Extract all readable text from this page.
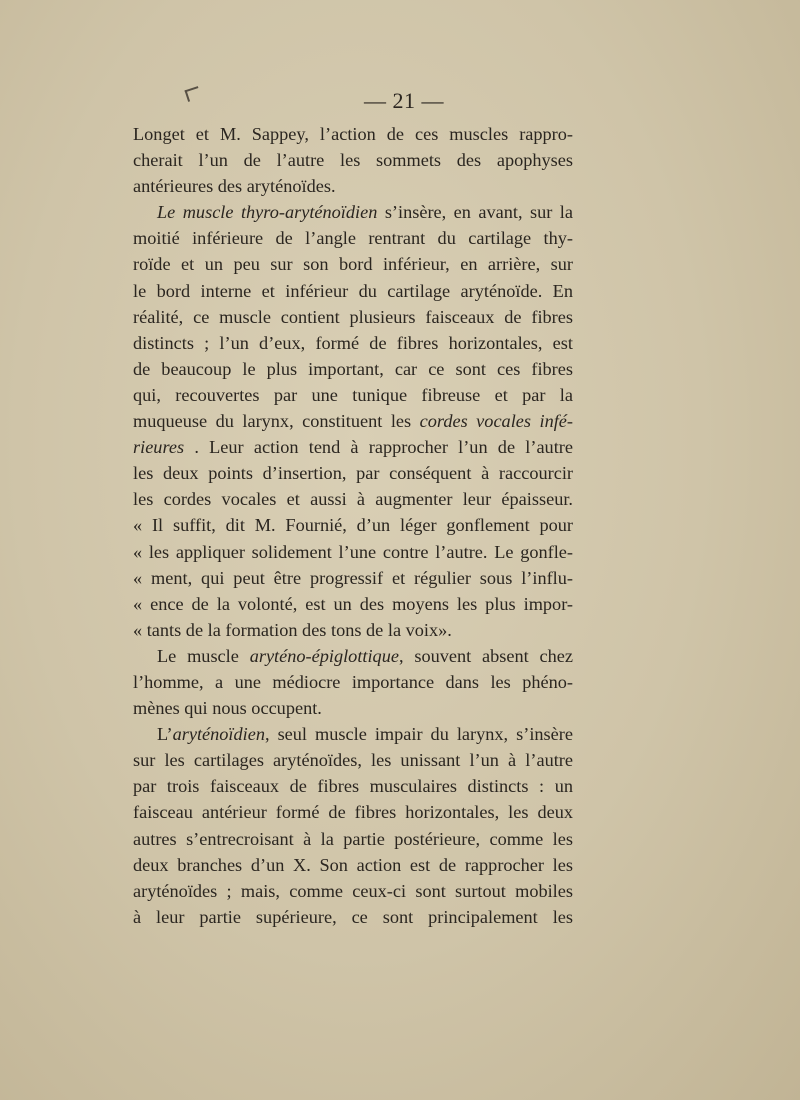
— 21 —
Longet et M. Sappey, l’action de ces muscles rappro-
cherait l’un de l’autre les sommets des apophyses
antérieures des aryténoïdes.
Le muscle thyro-aryténoïdien s’insère, en avant, sur la
moitié inférieure de l’angle rentrant du cartilage thy-
roïde et un peu sur son bord inférieur, en arrière, sur
le bord interne et inférieur du cartilage aryténoïde. En
réalité, ce muscle contient plusieurs faisceaux de fibres
distincts ; l’un d’eux, formé de fibres horizontales, est
de beaucoup le plus important, car ce sont ces fibres
qui, recouvertes par une tunique fibreuse et par la
muqueuse du larynx, constituent les cordes vocales infé-
rieures . Leur action tend à rapprocher l’un de l’autre
les deux points d’insertion, par conséquent à raccourcir
les cordes vocales et aussi à augmenter leur épaisseur.
« Il suffit, dit M. Fournié, d’un léger gonflement pour
« les appliquer solidement l’une contre l’autre. Le gonfle-
« ment, qui peut être progressif et régulier sous l’influ-
« ence de la volonté, est un des moyens les plus impor-
« tants de la formation des tons de la voix».
Le muscle aryténo-épiglottique, souvent absent chez
l’homme, a une médiocre importance dans les phéno-
mènes qui nous occupent.
L’aryténoïdien, seul muscle impair du larynx, s’insère
sur les cartilages aryténoïdes, les unissant l’un à l’autre
par trois faisceaux de fibres musculaires distincts : un
faisceau antérieur formé de fibres horizontales, les deux
autres s’entrecroisant à la partie postérieure, comme les
deux branches d’un X. Son action est de rapprocher les
aryténoïdes ; mais, comme ceux-ci sont surtout mobiles
à leur partie supérieure, ce sont principalement les
